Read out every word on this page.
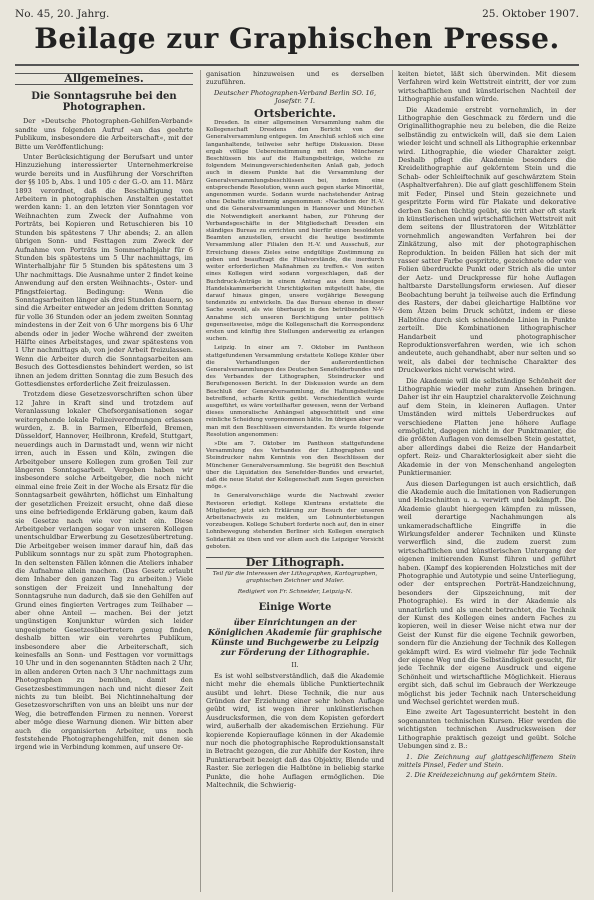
No. 45, 20. Jahrg.	25. Oktober 1907.
Beilage zur Graphischen Presse.
Allgemeines.
Die Sonntagsruhe bei den Photographen.

Der »Deutsche Photographen-Gehilfen-Verband« sandte uns folgenden Aufruf »an das geehrte Publikum, insbesondere die Arbeiterschaft«, mit der Bitte um Veröffentlichung:

Unter Berücksichtigung der Berufsart und unter Hinzuziehung interessierter Unternehmerkreise wurde bereits und in Ausführung der Vorschriften der §§ 105 b, Abs. 1 und 105 c der G.-O. am 11. März 1893 verordnet, daß die Beschäftigung von Arbeitern in photographischen Anstalten gestattet werden kann: 1. an den letzten vier Sonntagen vor Weihnachten zum Zweck der Aufnahme von Porträts, bei Kopieren und Retuschieren bis 10 Stunden bis spätestens 7 Uhr abends; 2. an allen übrigen Sonn- und Festtagen zum Zweck der Aufnahme von Porträts im Sommerhalbjahr für 6 Stunden bis spätestens um 5 Uhr nachmittags, im Winterhalbjahr für 5 Stunden bis spätestens um 3 Uhr nachmittags. Die Ausnahme unter 2 findet keine Anwendung auf den ersten Weihnachts-, Oster- und Pfingstfeiertag. Bedingung: Wenn die Sonntagsarbeiten länger als drei Stunden dauern, so sind die Arbeiter entweder an jedem dritten Sonntag für volle 36 Stunden oder an jedem zweiten Sonntag mindestens in der Zeit von 6 Uhr morgens bis 6 Uhr abends oder in jeder Woche während der zweiten Hälfte eines Arbeitstages, und zwar spätestens von 1 Uhr nachmittags ab, von jeder Arbeit freizulassen. Wenn die Arbeiter durch die Sonntagsarbeiten am Besuch des Gottesdienstes behindert werden, so ist ihnen an jedem dritten Sonntag die zum Besuch des Gottesdienstes erforderliche Zeit freizulassen.

Trotzdem diese Gesetzesvorschriften schon über 12 Jahre in Kraft sind und trotzdem auf Veranlassung lokaler Chefsorganisationen sogar weitergehende lokale Polizeiverordnungen erlassen wurden, z. B. in Barmen, Elberfeld, Bremen, Düsseldorf, Hannover, Heilbronn, Krefeld, Stuttgart, neuerdings auch in Darmstadt und, wenn wir nicht irren, auch in Essen und Köln, zwingen die Arbeitgeber unsere Kollegen zum großen Teil zur längeren Sonntagsarbeit. Vergeben haben wir insbesondere solche Arbeitgeber, die noch nicht einmal eine freie Zeit in der Woche als Ersatz für die Sonntagsarbeit gewährten, höflichst um Einhaltung der gesetzlichen Freizeit ersucht, ohne daß diese uns eine befriedigende Erklärung gaben, kaum daß sie Gesetze nach wie vor nicht ein. Diese Arbeitgeber verlangen sogar von unseren Kollegen unentschuldbar Erwerbung zu Gesetzesübertretung. Die Arbeitgeber weisen immer darauf hin, daß das Publikum sonntags nur zu spät zum Photographen. In den seltensten Fällen können die Ateliers inhaber die Aufnahme allein machen. (Das Gesetz erlaubt dem Inhaber den ganzen Tag zu arbeiten.) Viele sonstigen der Freizeit und Innehaltung der Sonntagsruhe nun dadurch, daß sie den Gehilfen auf Grund eines fingierten Vertrages zum Teilhaber — aber ohne Anteil — machen. Bei der jetzt ungünstigen Konjunktur würden sich leider ungeeignete Gesetzesübertretern genug finden, deshalb bitten wir ein verehrtes Publikum, insbesondere aber die Arbeiterschaft, sich keinesfalls an Sonn- und Festtagen vor vormittags 10 Uhr und in den sogenannten Städten nach 2 Uhr, in allen anderen Orten nach 3 Uhr nachmittags zum Photographen zu bemühen, damit den Gesetzesbestimmungen nach und nicht dieser Zeit nichts zu tun bleibt. Bei Nichtinnehaltung der Gesetzesvorschriften von uns an bleibt uns nur der Weg, die betreffenden Firmen zu nennen. Vorerst aber möge diese Warnung dienen. Wir bitten aber auch die organisierten Arbeiter, uns noch feststehende Photographengehilfen, mit denen sie irgend wie in Verbindung kommen, auf unsere Or-

ganisation hinzuweisen und es derselben zuzuführen.

Deutscher Photographen-Verband Berlin SO. 16, Josefstr. 7 I.
Ortsberichte.

Dresden. In einer allgemeinen Versammlung nahm die Kollegenschaft Dresdens den Bericht von der Generalversammlung entgegen. Im Anschluß schloß sich eine langanhaltende, teilweise sehr heftige Diskussion. Diese ergab völlige Uebereinstimmung mit den Münchener Beschlüssen bis auf die Haltungsbeiträge, welche zu folgendem Meinungsverschiedenheiten Anlaß gab, jedoch auch in diesem Punkte hat die Versammlung der Generalversammlungsbeschlüssen bei, indem eine entsprechende Resolution, wenn auch gegen starke Minorität, angenommen wurde. Sodann wurde nachstehender Antrag ohne Debatte einstimmig angenommen: »Nachdem der H.-V. und die Generalversammlungen in Hannover und München die Notwendigkeit anerkannt haben, zur Führung der Verbandsgeschäfte in der Mitgliedschaft Dresden ein ständiges Bureau zu errichten und hierfür einen besoldeten Beamten anzustellen, ersucht die heutige bestimmte Versammlung aller Filialen den H.-V. und Ausschuß, zur Erreichung dieses Zieles seine endgültige Zustimmung zu geben und beauftragt die Filialvorstände, die inerdurch weiter erforderlichen Maßnahmen zu treffen.« Von seiten eines Kollegen wird sodann vorgeschlagen, daß der Buchdruck-Anträge in einem Antrag aus dem hiesigen Handelskammerbericht Unrichtigkeiten mitgeteilt habe, die darauf hinaus gingen, unsere vorjährige Bewegung tendenziös zu entwickeln. Da das Bureau ebenso in dieser Sache sowohl, als wie überhaupt in den betrübenden N-V-Annahme sich unseren Berichtigung unter politisch gegenseitsweise, möge die Kollegenschaft die Korrespondenz ersten und künftig ihre Stellungen anderweitig zu erlangen suchen.

Leipzig. In einer am 7. Oktober im Pantheon stattgefundenen Versammlung erstattete Kollege Köhler über die Verhandlungen der außerordentlichen Generalversammlungen des Deutschen Senefelderbundes und des Verbandes der Lithographen, Steindrucker und Berufsgenossen Bericht. In der Diskussion wurde an dem Beschluß der Generalversammlung, die Haltungsbeiträge betreffend, scharfe Kritik geübt. Verschiedentlich wurde ausgeführt, es wäre vorteilhafter gewesen, wenn der Verband dieses unmoralische Anhängsel abgeschüttelt und eine reinliche Scheidung vorgenommen hätte. Im übrigen aber war man mit den Beschlüssen einverstanden. Es wurde folgende Resolution angenommen:

»Die am 7. Oktober im Pantheon stattgefundene Versammlung des Verbandes der Lithographen und Steindrucker nahm Kenntnis von den Beschlüssen der Münchener Generalversammlung. Sie begrüßt den Beschluß über die Liquidation des Senefelder-Bundes und erwartet, daß die neue Statut der Kollegenschaft zum Segen gereichen möge.«

In Generalvorschläge wurde die Nachwahl zweier Revisoren erledigt. Kollege Klentrans erstattete die Mitglieder, jetzt sich Erklärung zur Besuch der unseren Arbeitsnachweis zu melden, um Lohnunterbietungen vorzubeugen. Kollege Schubert forderte noch auf, den in einer Lohnbewegung stehenden Berliner sich Kollegen energisch Solidarität zu üben und vor allem auch die Leipziger Vorsicht geboten.

Der Lithograph.
Teil für die Interessen der Lithographen, Kartographen, graphischen Zeichner und Maler.
Redigiert von Fr. Schneider, Leipzig-N.
Einige Worte
über Einrichtungen an der Königlichen Akademie für graphische Künste und Buchgewerbe zu Leipzig zur Förderung der Lithographie.
II.

Es ist wohl selbstverständlich, daß die Akademie nicht mehr die ehemals übliche Punktiertechnik ausübt und lehrt. Diese Technik, die nur aus Gründen der Erziehung einer sehr hohen Auflage geübt wird, ist wegen ihrer unkünstlerischen Ausdrucksformen, die von dem Kopisten gefordert wird, außerhalb der akademischen Erziehung. Für kopierende Kopierauflage können in der Akademie nur noch die photographische Reproduktionsanstalt in Betracht gezogen, die zur Abhilfe der Kosten, ihre Punktierarbeit bezeigt daß das Objektiv, Blende und Raster. Sie zerlegen die Halbtöne in beliebig starke Punkte, die hohe Auflagen ermöglichen. Die Maltechnik, die Schwierig-

keiten bietet, läßt sich überwinden. Mit diesem Verfahren wird kein Wettstreit eintritt, der vor zum wirtschaftlichen und künstlerischen Nachteil der Lithographie ausfallen würde.

Die Akademie erstrebt vornehmlich, in der Lithographie den Geschmack zu fördern und die Originallithographie neu zu beleben, die die Reize selbständig zu entwickeln will, daß sie dem Laien wieder leicht und schnell als Lithographie erkennbar wird. Lithographie, die wieder Charakter zeigt. Deshalb pflegt die Akademie besonders die Kreidelithographie auf gekörntem Stein und die Schab- oder Schleiftechnik auf geschwärztem Stein (Asphaltverfahren). Die auf glatt geschliffenem Stein mit Feder, Pinsel und Stein gezeichnete und gespritzte Form wird für Plakate und dekorative derben Sachen tüchtig geübt, sie tritt aber oft stark in künstlerischen und wirtschaftlichen Wettstreit mit dem seitens der Illustratoren der Witzblätter vornehmlich angewandten Verfahren bei der Zinkätzung, also mit der photographischen Reproduktion. In beiden Fällen hat sich der mit rasser satter Farbe gespritzte, gezeichnete oder von Folien überdruckte Punkt oder Strich als die unter der Aetz- und Druckpresse für hohe Auflagen haltbarste Darstellungsform erwiesen. Auf dieser Beobachtung beruht ja teilweise auch die Erfindung des Rasters, der dabei gleichartige Halbtöne vor dem Ätzen beim Druck schützt, indem er diese Halbtöne durch sich schneidende Linien in Punkte zerteilt. Die Kombinationen lithographischer Handarbeit und photographischer Reproduktionsverfahren werden, wie ich schon andeutete, auch gehandhabt, aber nur selten und so weit, als dabei der technische Charakter des Druckwerkes nicht verwischt wird.

Die Akademie will die selbständige Schönheit der Lithographie wieder mehr zum Ansehen bringen. Daher ist ihr ein Hauptziel charaktervolle Zeichnung auf dem Stein, in kleineren Auflagen. Unter Umständen wird mittels Ueberdruckes auf verschiedene Platten jene höhere Auflage ermöglicht, dagegen nicht in der Punktmanier, die die größten Auflagen von demselben Stein gestattet, aber allerdings dabei die Reize der Handarbeit opfert. Reiz- und Charakterlosigkeit aber sieht die Akademie in der von Menschenhand angelegten Punktiermanier.

Aus diesen Darlegungen ist auch ersichtlich, daß die Akademie auch die Imitationen von Radierungen und Holzschnitten u. a. verwirft und bekämpft. Die Akademie glaubt hiergegen kämpfen zu müssen, weil derartige Nachahmungen als unkameradschaftliche Eingriffe in die Wirkungsfelder anderer Techniken und Künste verwerflich sind, die zudem zuerst zum wirtschaftlichen und künstlerischen Untergang der eigenen imitierenden Kunst führen und geführt haben. (Kampf des kopierenden Holzstiches mit der Photographie und Autotypie und seine Unterliegung, oder der entsprechen Porträt-Handzeichnung, besonders der Gipszeichnung, mit der Photographie). Es wird in der Akademie als unnatürlich und als unecht betrachtet, die Technik der Kunst des Kollegen eines andern Faches zu kopieren, weil in dieser Weise nicht etwa nur der Geist der Kunst für die eigene Technik geworben, sondern für die Anziehung der Technik des Kollegen gekämpft wird. Es wird vielmehr für jede Technik der eigene Weg und die Selbständigkeit gesucht, für jede Technik der eigene Ausdruck und eigene Schönheit und wirtschaftliche Möglichkeit. Hieraus ergibt sich, daß schul im Gebrauch der Werkzeuge möglichst bis jeder Technik nach Unterscheidung und Wechsel gerichtet werden muß.

Eine zweite Art Tagesunterricht besteht in den sogenannten technischen Kursen. Hier werden die wichtigsten technischen Ausdrucksweisen der Lithographie praktisch gezeigt und geübt. Solche Uebungen sind z. B.:

1. Die Zeichnung auf glattgeschliffenem Stein mittels Pinsel, Feder und Stein.

2. Die Kreidezeichnung auf gekörntem Stein.
